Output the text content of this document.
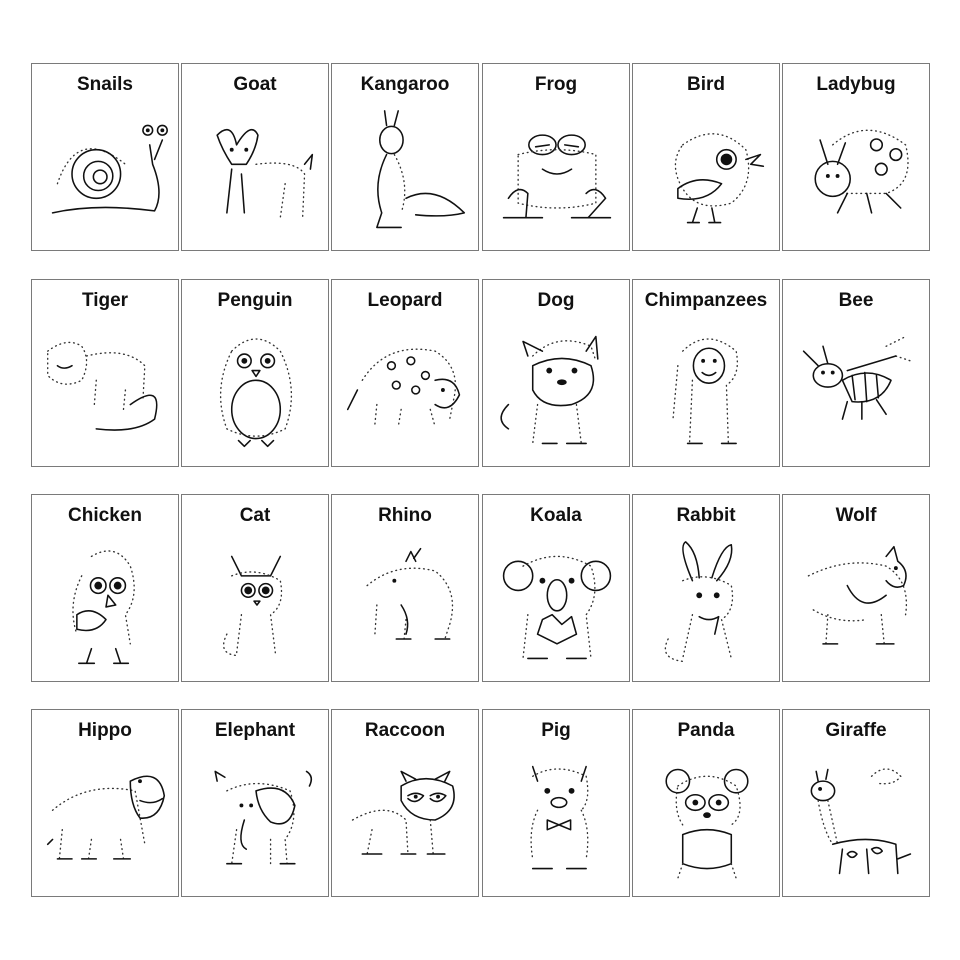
Snails	Goat	Kangaroo	Frog	Bird	Ladybug
Tiger	Penguin	Leopard	Dog	Chimpanzees	Bee
Chicken	Cat	Rhino	Koala	Rabbit	Wolf
Hippo	Elephant	Raccoon	Pig	Panda	Giraffe
